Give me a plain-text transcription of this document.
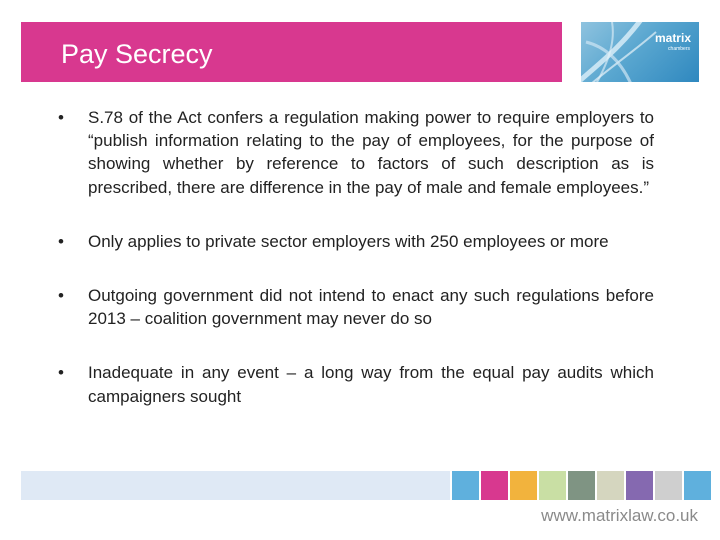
Pay Secrecy
matrix
chambers
•	S.78 of the Act confers a regulation making power to require employers to “publish information relating to the pay of employees, for the purpose of showing whether by reference to factors of such description as is prescribed, there are difference in the pay of male and female employees.”
•	Only applies to private sector employers with 250 employees or more
•	Outgoing government did not intend to enact any such regulations before 2013 – coalition government may never do so
•	Inadequate in any event – a long way from the equal pay audits which campaigners sought
www.matrixlaw.co.uk
